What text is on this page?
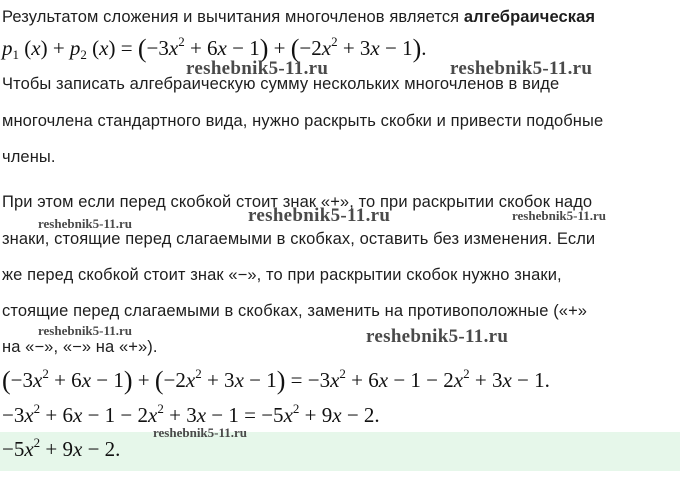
Результатом сложения и вычитания многочленов является алгебраическая
$p_1$ $(x) + p_2$ $(x) = (-3x^2 + 6x - 1) + (-2x^2 + 3x - 1)$.
Чтобы записать алгебраическую сумму нескольких многочленов в виде
многочлена стандартного вида, нужно раскрыть скобки и привести подобные
члены.
При этом если перед скобкой стоит знак «+», то при раскрытии скобок надо
знаки, стоящие перед слагаемыми в скобках, оставить без изменения. Если
же перед скобкой стоит знак «−», то при раскрытии скобок нужно знаки,
стоящие перед слагаемыми в скобках, заменить на противоположные («+»
на «−», «−» на «+»).
$(-3x^2 + 6x - 1) + (-2x^2 + 3x - 1) = -3x^2 + 6x - 1 - 2x^2 + 3x - 1$.
$-3x^2 + 6x - 1 - 2x^2 + 3x - 1 = -5x^2 + 9x - 2$.
$-5x^2 + 9x - 2$.
reshebnik5-11.ru	reshebnik5-11.ru
reshebnik5-11.ru	reshebnik5-11.ru	reshebnik5-11.ru
reshebnik5-11.ru	reshebnik5-11.ru
reshebnik5-11.ru
